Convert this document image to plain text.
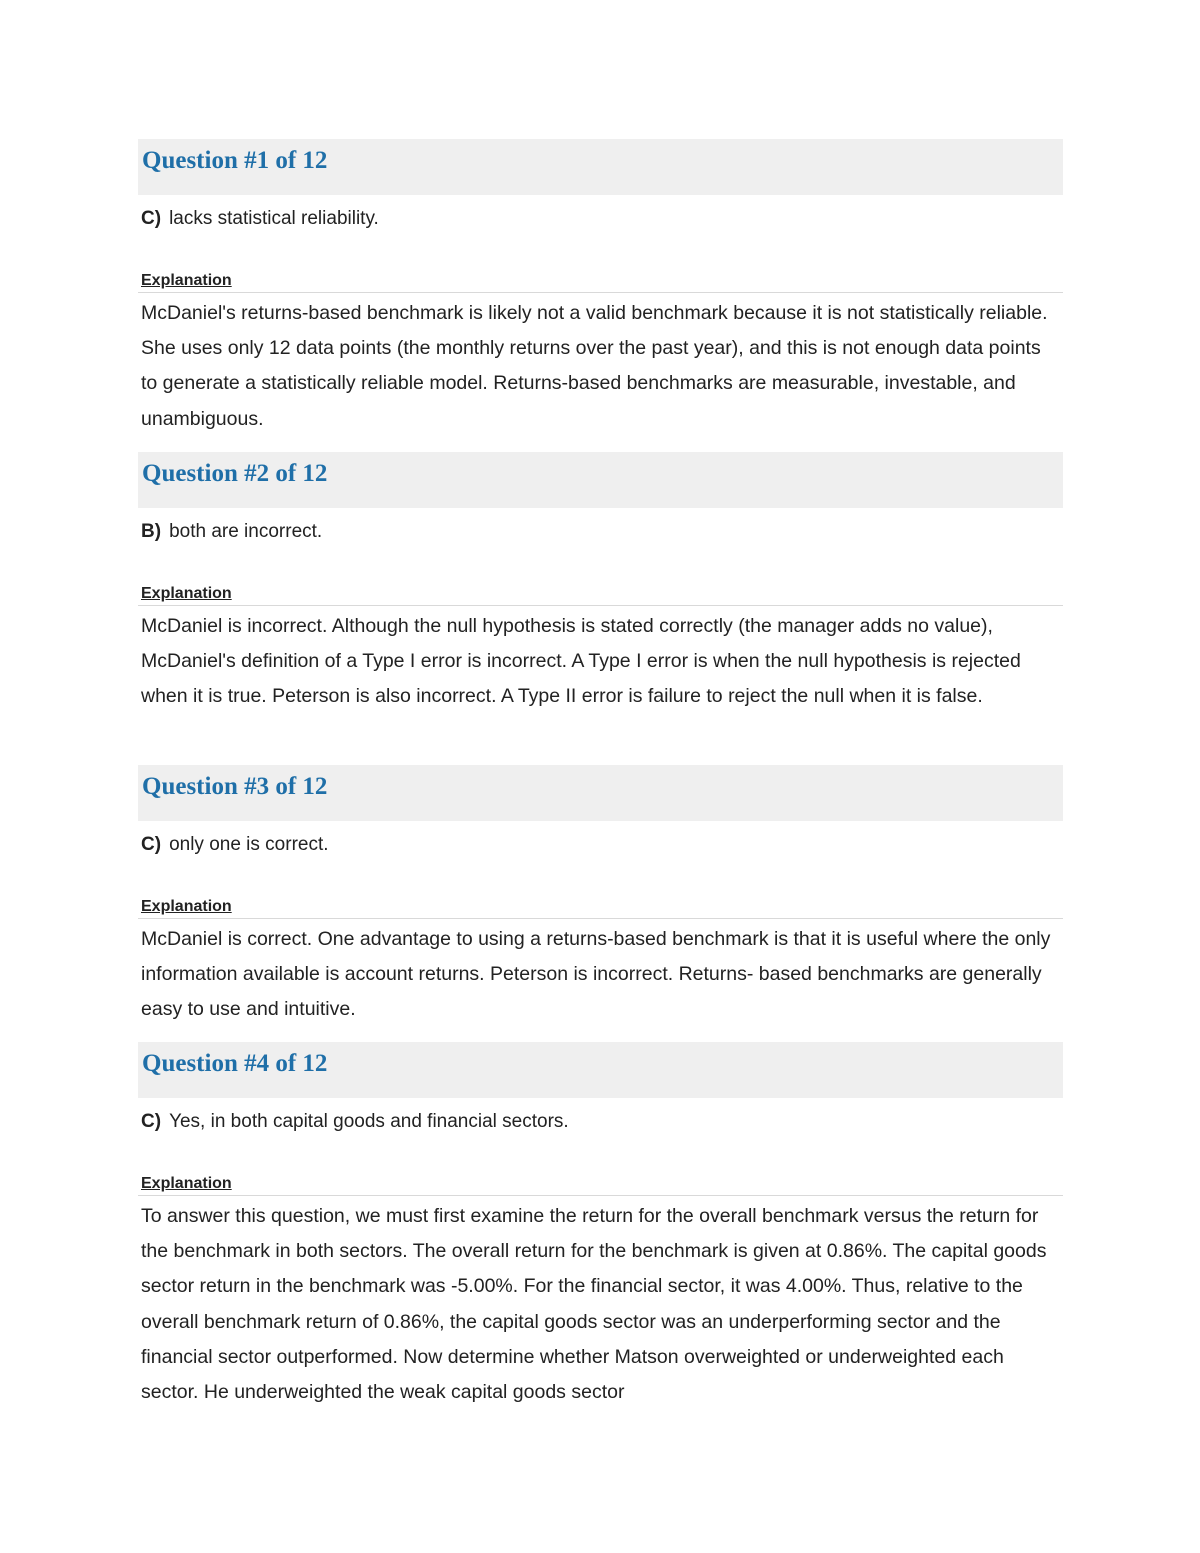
Question #1 of 12
C) lacks statistical reliability.
Explanation
McDaniel's returns-based benchmark is likely not a valid benchmark because it is not statistically reliable. She uses only 12 data points (the monthly returns over the past year), and this is not enough data points to generate a statistically reliable model. Returns-based benchmarks are measurable, investable, and unambiguous.
Question #2 of 12
B) both are incorrect.
Explanation
McDaniel is incorrect. Although the null hypothesis is stated correctly (the manager adds no value), McDaniel's definition of a Type I error is incorrect. A Type I error is when the null hypothesis is rejected when it is true. Peterson is also incorrect. A Type II error is failure to reject the null when it is false.
Question #3 of 12
C) only one is correct.
Explanation
McDaniel is correct. One advantage to using a returns-based benchmark is that it is useful where the only information available is account returns. Peterson is incorrect. Returns- based benchmarks are generally easy to use and intuitive.
Question #4 of 12
C) Yes, in both capital goods and financial sectors.
Explanation
To answer this question, we must first examine the return for the overall benchmark versus the return for the benchmark in both sectors. The overall return for the benchmark is given at 0.86%. The capital goods sector return in the benchmark was -5.00%. For the financial sector, it was 4.00%. Thus, relative to the overall benchmark return of 0.86%, the capital goods sector was an underperforming sector and the financial sector outperformed. Now determine whether Matson overweighted or underweighted each sector. He underweighted the weak capital goods sector
